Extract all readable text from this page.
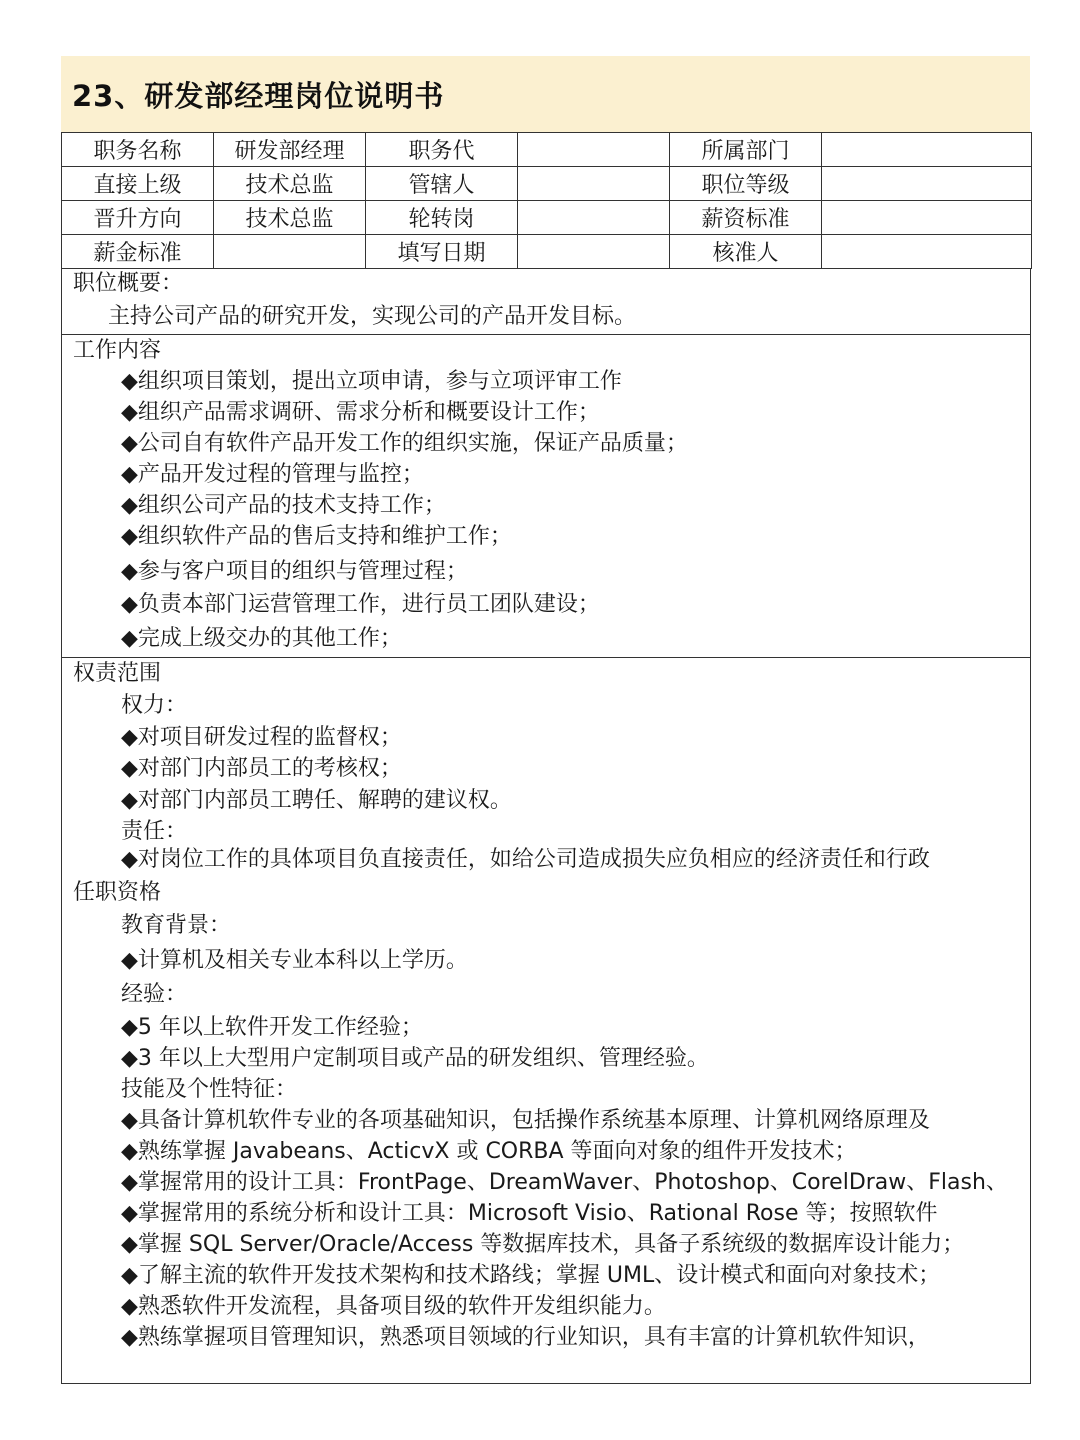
23、研发部经理岗位说明书
职务名称	研发部经理	职务代		所属部门	
直接上级	技术总监	管辖人		职位等级	
晋升方向	技术总监	轮转岗		薪资标准	
薪金标准		填写日期		核准人	
职位概要：
主持公司产品的研究开发，实现公司的产品开发目标。
工作内容
◆组织项目策划，提出立项申请，参与立项评审工作
◆组织产品需求调研、需求分析和概要设计工作；
◆公司自有软件产品开发工作的组织实施，保证产品质量；
◆产品开发过程的管理与监控；
◆组织公司产品的技术支持工作；
◆组织软件产品的售后支持和维护工作；
◆参与客户项目的组织与管理过程；
◆负责本部门运营管理工作，进行员工团队建设；
◆完成上级交办的其他工作；
权责范围
权力：
◆对项目研发过程的监督权；
◆对部门内部员工的考核权；
◆对部门内部员工聘任、解聘的建议权。
责任：
◆对岗位工作的具体项目负直接责任，如给公司造成损失应负相应的经济责任和行政
任职资格
教育背景：
◆计算机及相关专业本科以上学历。
经验：
◆5 年以上软件开发工作经验；
◆3 年以上大型用户定制项目或产品的研发组织、管理经验。
技能及个性特征：
◆具备计算机软件专业的各项基础知识，包括操作系统基本原理、计算机网络原理及
◆熟练掌握 Javabeans、ActicvX 或 CORBA 等面向对象的组件开发技术；
◆掌握常用的设计工具：FrontPage、DreamWaver、Photoshop、CorelDraw、Flash、
◆掌握常用的系统分析和设计工具：Microsoft Visio、Rational Rose 等；按照软件
◆掌握 SQL Server/Oracle/Access 等数据库技术，具备子系统级的数据库设计能力；
◆了解主流的软件开发技术架构和技术路线；掌握 UML、设计模式和面向对象技术；
◆熟悉软件开发流程，具备项目级的软件开发组织能力。
◆熟练掌握项目管理知识，熟悉项目领域的行业知识，具有丰富的计算机软件知识，
